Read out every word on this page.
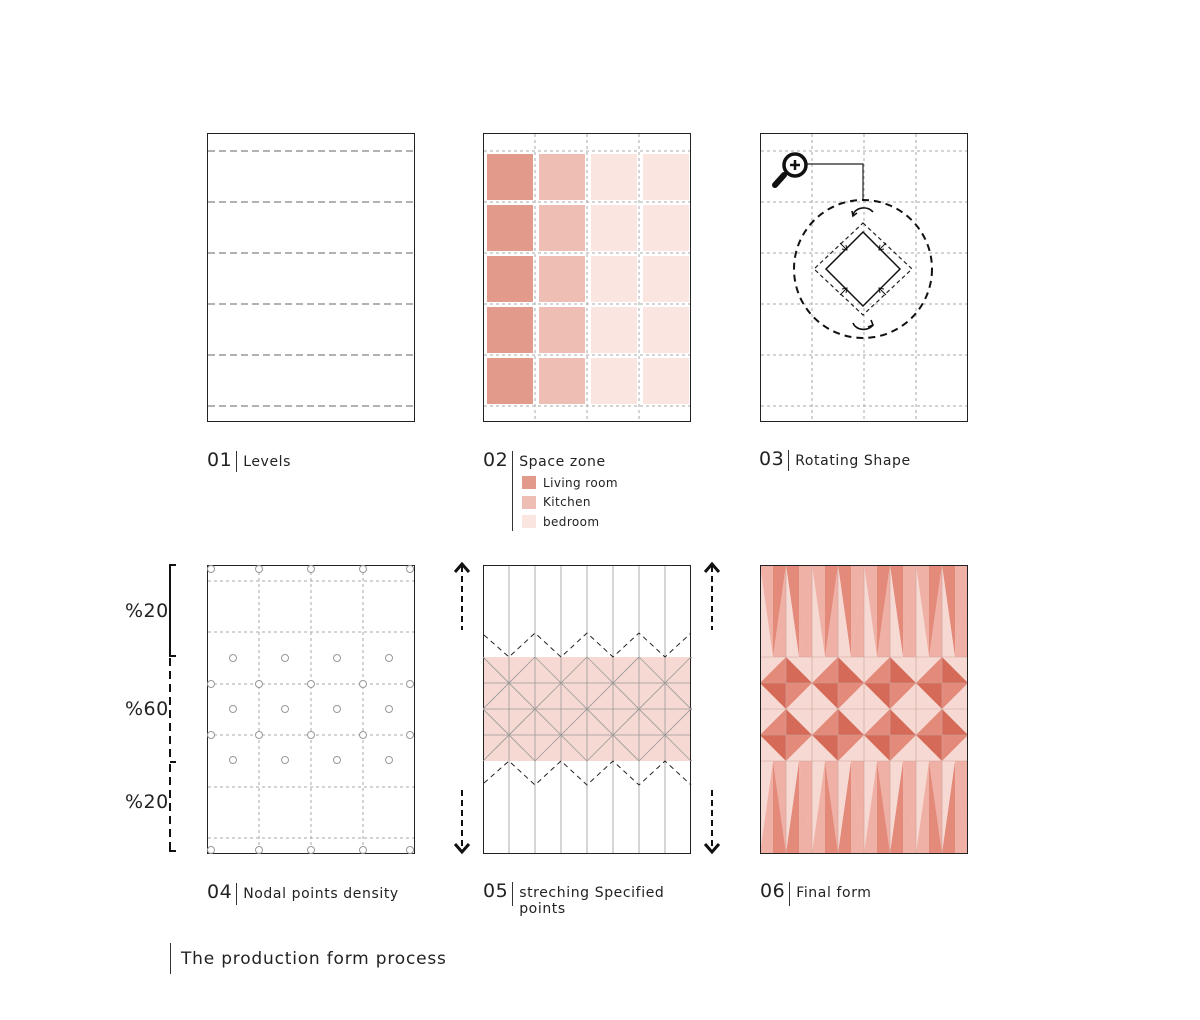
%20
%60
%20
01 Levels	02 Space zone
Living room
Kitchen
bedroom
03 Rotating Shape
04 Nodal points density	05 streching Specified points
06 Final form
The production form process
